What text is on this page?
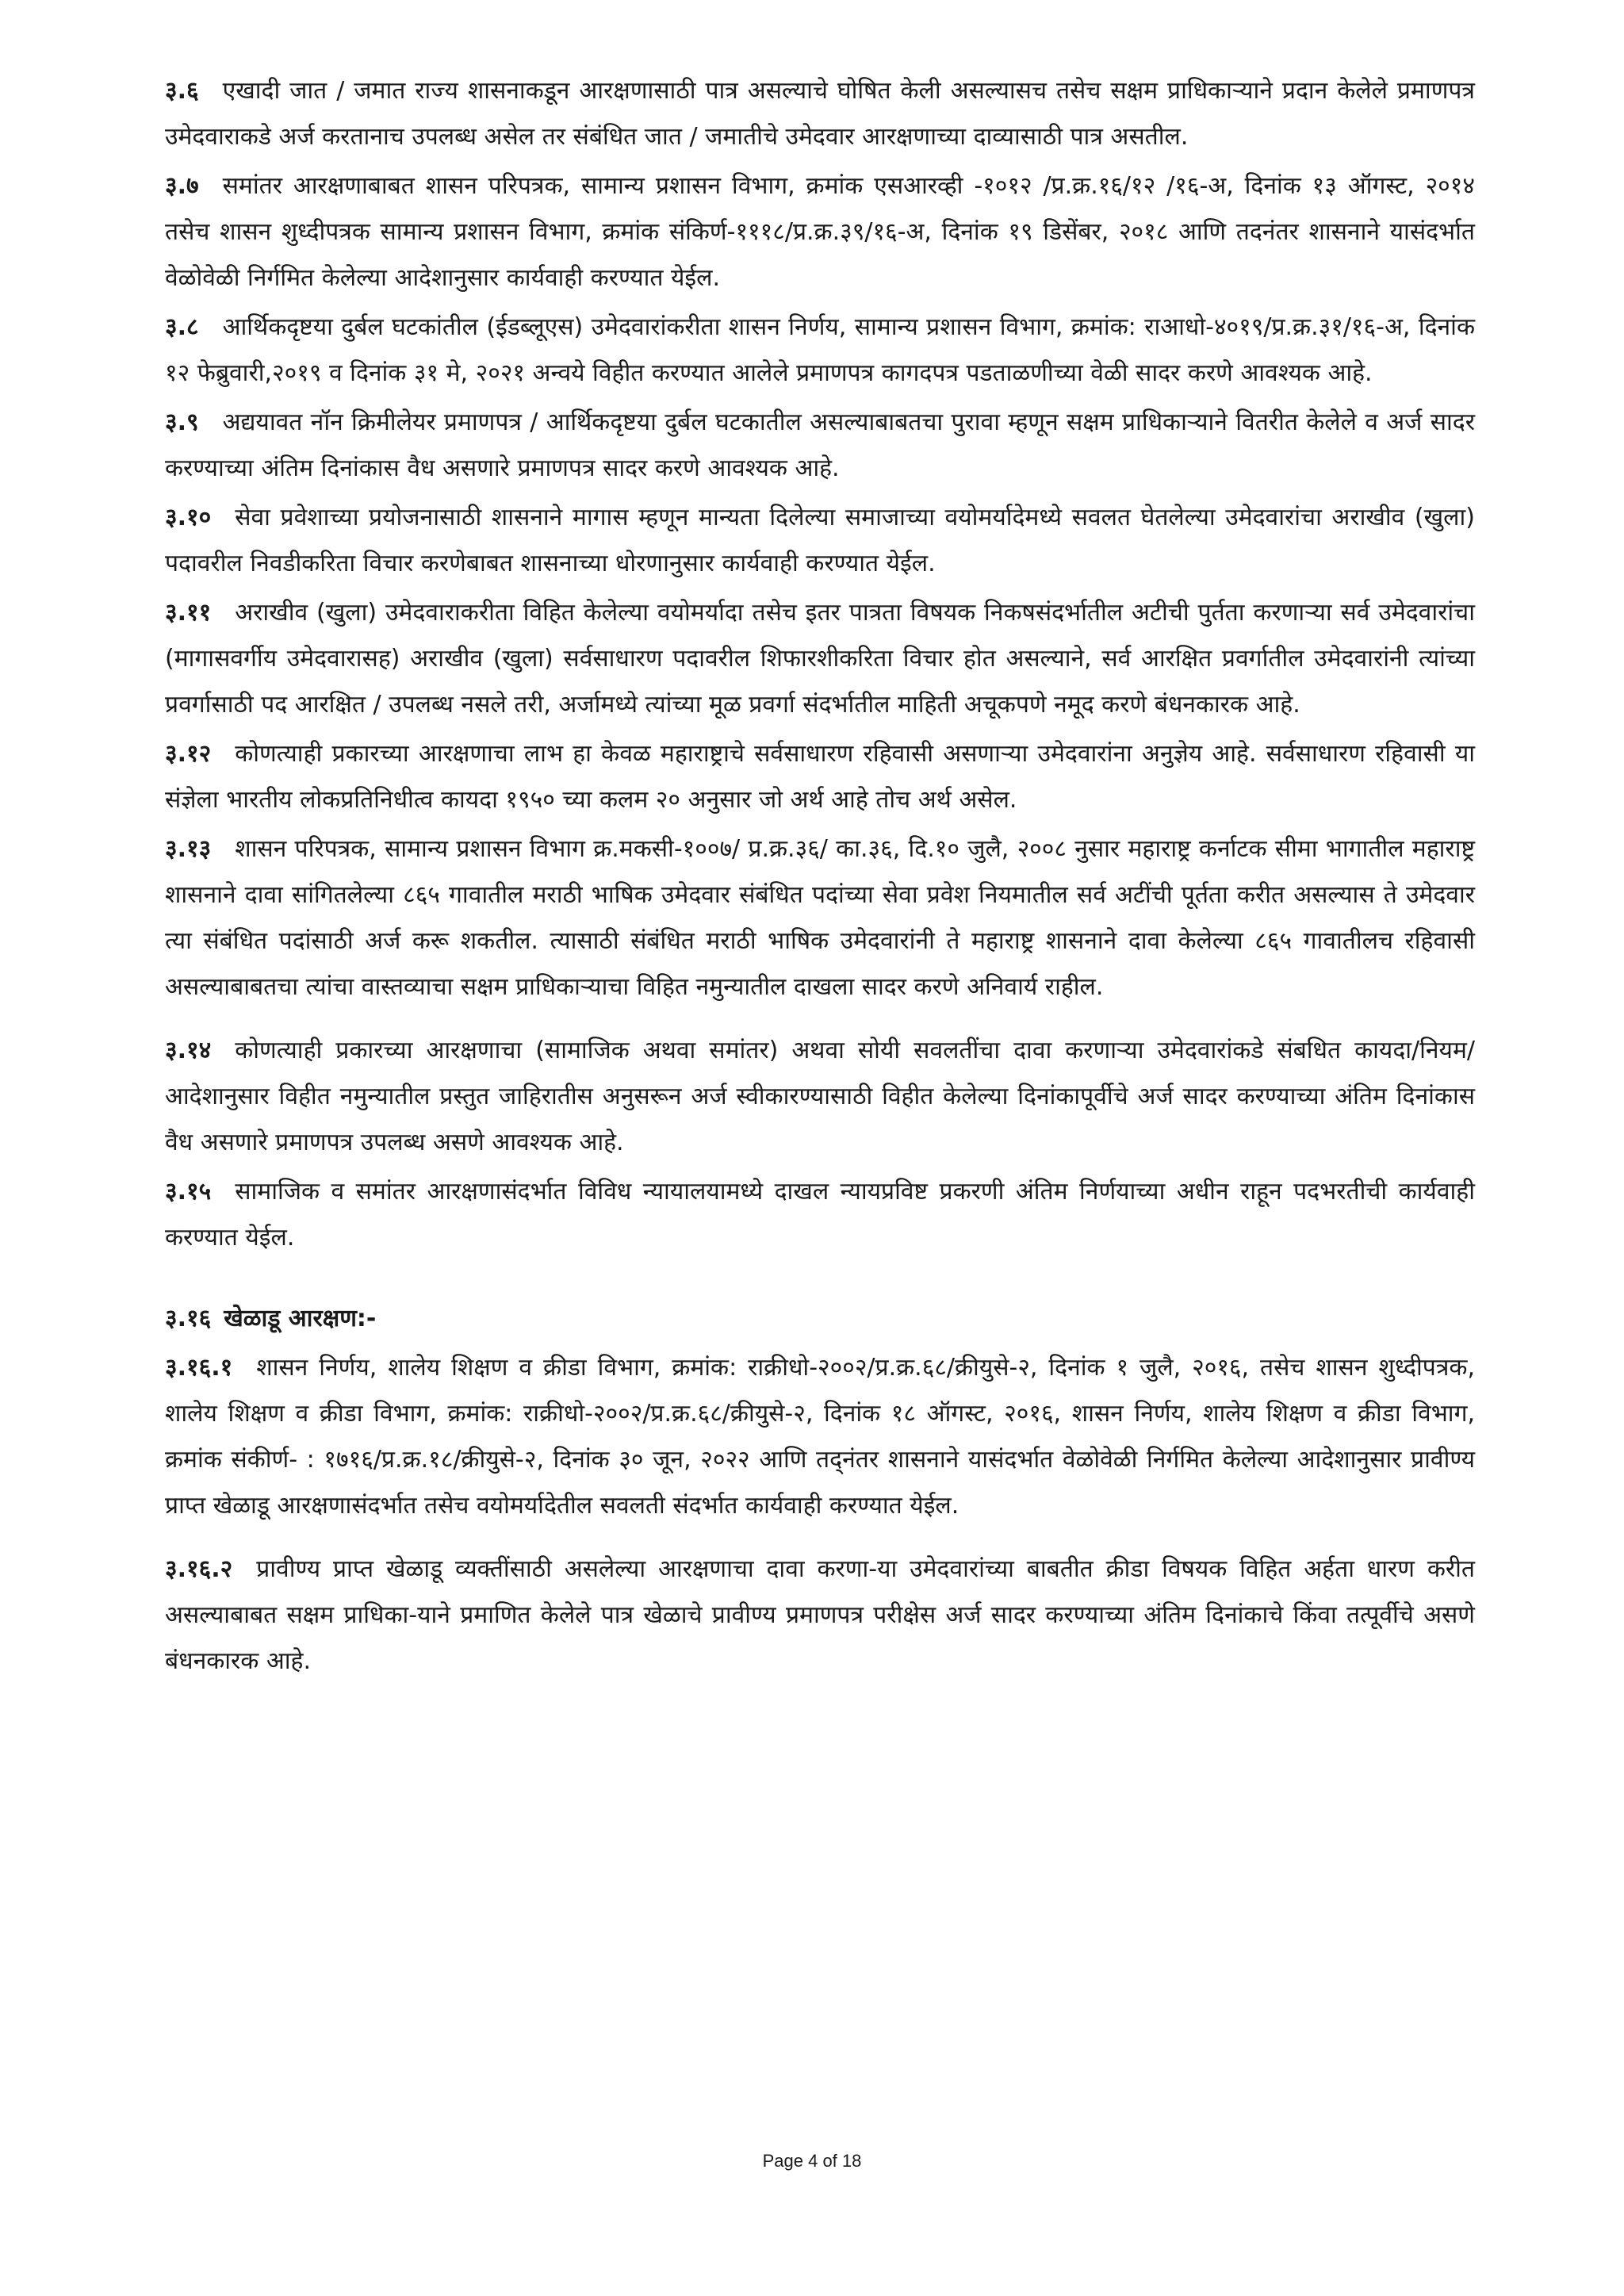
३.६ एखादी जात / जमात राज्य शासनाकडून आरक्षणासाठी पात्र असल्याचे घोषित केली असल्यासच तसेच सक्षम प्राधिकाऱ्याने प्रदान केलेले प्रमाणपत्र उमेदवाराकडे अर्ज करतानाच उपलब्ध असेल तर संबंधित जात / जमातीचे उमेदवार आरक्षणाच्या दाव्यासाठी पात्र असतील.

३.७ समांतर आरक्षणाबाबत शासन परिपत्रक, सामान्य प्रशासन विभाग, क्रमांक एसआरव्ही -१०१२ /प्र.क्र.१६/१२ /१६-अ, दिनांक १३ ऑगस्ट, २०१४ तसेच शासन शुध्दीपत्रक सामान्य प्रशासन विभाग, क्रमांक संकिर्ण-१११८/प्र.क्र.३९/१६-अ, दिनांक १९ डिसेंबर, २०१८ आणि तदनंतर शासनाने यासंदर्भात वेळोवेळी निर्गमित केलेल्या आदेशानुसार कार्यवाही करण्यात येईल.

३.८ आर्थिकदृष्टया दुर्बल घटकांतील (ईडब्लूएस) उमेदवारांकरीता शासन निर्णय, सामान्य प्रशासन विभाग, क्रमांक: राआधो-४०१९/प्र.क्र.३१/१६-अ, दिनांक १२ फेब्रुवारी,२०१९ व दिनांक ३१ मे, २०२१ अन्वये विहीत करण्यात आलेले प्रमाणपत्र कागदपत्र पडताळणीच्या वेळी सादर करणे आवश्यक आहे.

३.९ अद्ययावत नॉन क्रिमीलेयर प्रमाणपत्र / आर्थिकदृष्टया दुर्बल घटकातील असल्याबाबतचा पुरावा म्हणून सक्षम प्राधिकाऱ्याने वितरीत केलेले व अर्ज सादर करण्याच्या अंतिम दिनांकास वैध असणारे प्रमाणपत्र सादर करणे आवश्यक आहे.

३.१० सेवा प्रवेशाच्या प्रयोजनासाठी शासनाने मागास म्हणून मान्यता दिलेल्या समाजाच्या वयोमर्यादेमध्ये सवलत घेतलेल्या उमेदवारांचा अराखीव (खुला) पदावरील निवडीकरिता विचार करणेबाबत शासनाच्या धोरणानुसार कार्यवाही करण्यात येईल.

३.११ अराखीव (खुला) उमेदवाराकरीता विहित केलेल्या वयोमर्यादा तसेच इतर पात्रता विषयक निकषसंदर्भातील अटीची पुर्तता करणाऱ्या सर्व उमेदवारांचा (मागासवर्गीय उमेदवारासह) अराखीव (खुला) सर्वसाधारण पदावरील शिफारशीकरिता विचार होत असल्याने, सर्व आरक्षित प्रवर्गातील उमेदवारांनी त्यांच्या प्रवर्गासाठी पद आरक्षित / उपलब्ध नसले तरी, अर्जामध्ये त्यांच्या मूळ प्रवर्गा संदर्भातील माहिती अचूकपणे नमूद करणे बंधनकारक आहे.

३.१२ कोणत्याही प्रकारच्या आरक्षणाचा लाभ हा केवळ महाराष्ट्राचे सर्वसाधारण रहिवासी असणाऱ्या उमेदवारांना अनुज्ञेय आहे. सर्वसाधारण रहिवासी या संज्ञेला भारतीय लोकप्रतिनिधीत्व कायदा १९५० च्या कलम २० अनुसार जो अर्थ आहे तोच अर्थ असेल.

३.१३ शासन परिपत्रक, सामान्य प्रशासन विभाग क्र.मकसी-१००७/ प्र.क्र.३६/ का.३६, दि.१० जुलै, २००८ नुसार महाराष्ट्र कर्नाटक सीमा भागातील महाराष्ट्र शासनाने दावा सांगितलेल्या ८६५ गावातील मराठी भाषिक उमेदवार संबंधित पदांच्या सेवा प्रवेश नियमातील सर्व अटींची पूर्तता करीत असल्यास ते उमेदवार त्या संबंधित पदांसाठी अर्ज करू शकतील. त्यासाठी संबंधित मराठी भाषिक उमेदवारांनी ते महाराष्ट्र शासनाने दावा केलेल्या ८६५ गावातीलच रहिवासी असल्याबाबतचा त्यांचा वास्तव्याचा सक्षम प्राधिकाऱ्याचा विहित नमुन्यातील दाखला सादर करणे अनिवार्य राहील.

३.१४ कोणत्याही प्रकारच्या आरक्षणाचा (सामाजिक अथवा समांतर) अथवा सोयी सवलतींचा दावा करणाऱ्या उमेदवारांकडे संबधित कायदा/नियम/आदेशानुसार विहीत नमुन्यातील प्रस्तुत जाहिरातीस अनुसरून अर्ज स्वीकारण्यासाठी विहीत केलेल्या दिनांकापूर्वीचे अर्ज सादर करण्याच्या अंतिम दिनांकास वैध असणारे प्रमाणपत्र उपलब्ध असणे आवश्यक आहे.

३.१५ सामाजिक व समांतर आरक्षणासंदर्भात विविध न्यायालयामध्ये दाखल न्यायप्रविष्ट प्रकरणी अंतिम निर्णयाच्या अधीन राहून पदभरतीची कार्यवाही करण्यात येईल.

३.१६ खेळाडू आरक्षण:-

३.१६.१ शासन निर्णय, शालेय शिक्षण व क्रीडा विभाग, क्रमांक: राक्रीधो-२००२/प्र.क्र.६८/क्रीयुसे-२, दिनांक १ जुलै, २०१६, तसेच शासन शुध्दीपत्रक, शालेय शिक्षण व क्रीडा विभाग, क्रमांक: राक्रीधो-२००२/प्र.क्र.६८/क्रीयुसे-२, दिनांक १८ ऑगस्ट, २०१६, शासन निर्णय, शालेय शिक्षण व क्रीडा विभाग, क्रमांक संकीर्ण- : १७१६/प्र.क्र.१८/क्रीयुसे-२, दिनांक ३० जून, २०२२ आणि तद्नंतर शासनाने यासंदर्भात वेळोवेळी निर्गमित केलेल्या आदेशानुसार प्रावीण्य प्राप्त खेळाडू आरक्षणासंदर्भात तसेच वयोमर्यादेतील सवलती संदर्भात कार्यवाही करण्यात येईल.

३.१६.२ प्रावीण्य प्राप्त खेळाडू व्यक्तींसाठी असलेल्या आरक्षणाचा दावा करणा-या उमेदवारांच्या बाबतीत क्रीडा विषयक विहित अर्हता धारण करीत असल्याबाबत सक्षम प्राधिका-याने प्रमाणित केलेले पात्र खेळाचे प्रावीण्य प्रमाणपत्र परीक्षेस अर्ज सादर करण्याच्या अंतिम दिनांकाचे किंवा तत्पूर्वीचे असणे बंधनकारक आहे.

Page 4 of 18
